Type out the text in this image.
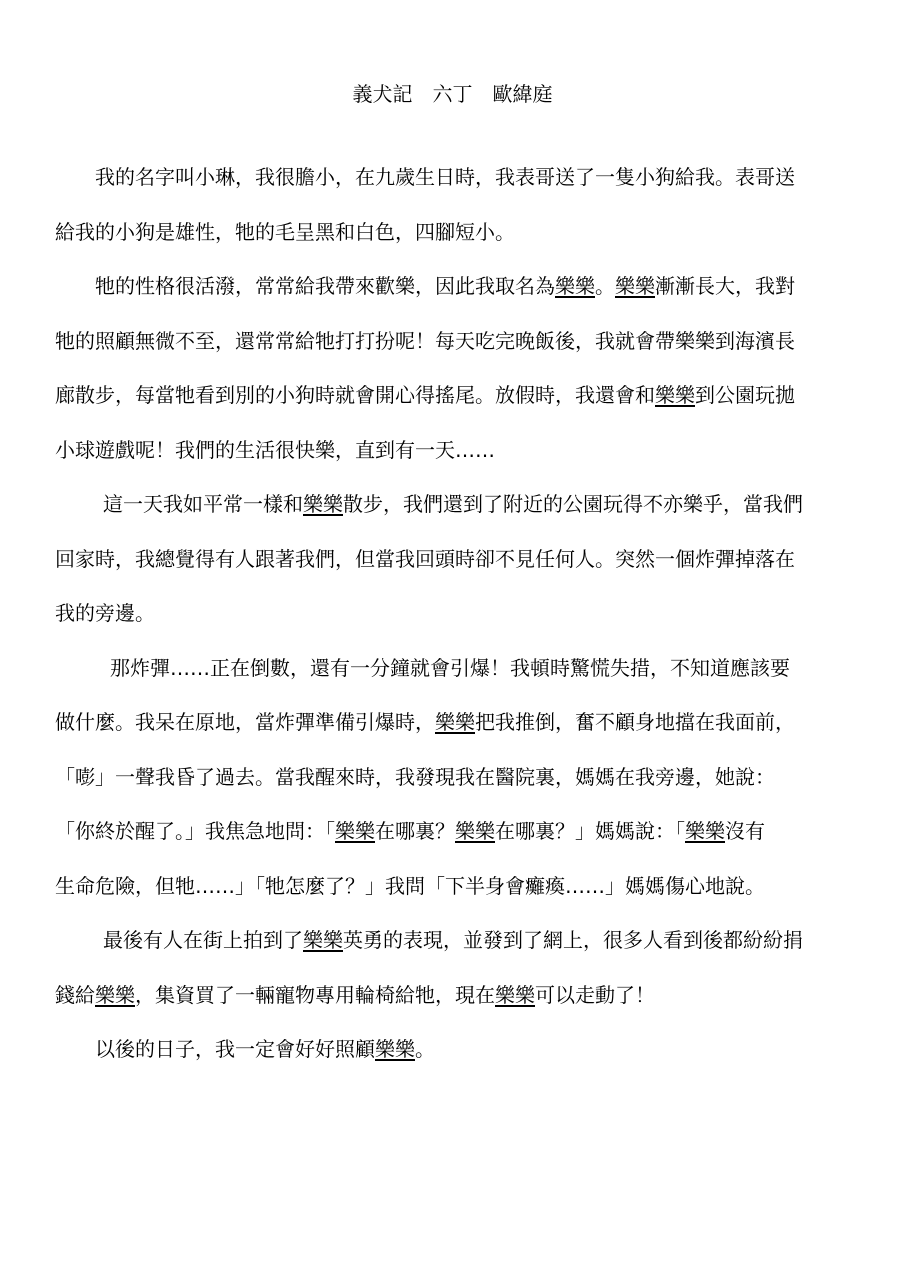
義犬記　六丁　歐緯庭
我的名字叫小琳，我很膽小，在九歲生日時，我表哥送了一隻小狗給我。表哥送
給我的小狗是雄性，牠的毛呈黑和白色，四腳短小。
牠的性格很活潑，常常給我帶來歡樂，因此我取名為樂樂。樂樂漸漸長大，我對
牠的照顧無微不至，還常常給牠打打扮呢！每天吃完晚飯後，我就會帶樂樂到海濱長
廊散步，每當牠看到別的小狗時就會開心得搖尾。放假時，我還會和樂樂到公園玩拋
小球遊戲呢！我們的生活很快樂，直到有一天……
這一天我如平常一樣和樂樂散步，我們還到了附近的公園玩得不亦樂乎，當我們
回家時，我總覺得有人跟著我們，但當我回頭時卻不見任何人。突然一個炸彈掉落在
我的旁邊。
那炸彈……正在倒數，還有一分鐘就會引爆！我頓時驚慌失措，不知道應該要
做什麼。我呆在原地，當炸彈準備引爆時，樂樂把我推倒，奮不顧身地擋在我面前，
「嘭」一聲我昏了過去。當我醒來時，我發現我在醫院裏，媽媽在我旁邊，她說：
「你終於醒了。」我焦急地問：「樂樂在哪裏？樂樂在哪裏？」媽媽說：「樂樂沒有
生命危險，但牠……」「牠怎麼了？」我問「下半身會癱瘓……」媽媽傷心地說。
最後有人在街上拍到了樂樂英勇的表現，並發到了網上，很多人看到後都紛紛捐
錢給樂樂，集資買了一輛寵物專用輪椅給牠，現在樂樂可以走動了！
以後的日子，我一定會好好照顧樂樂。
